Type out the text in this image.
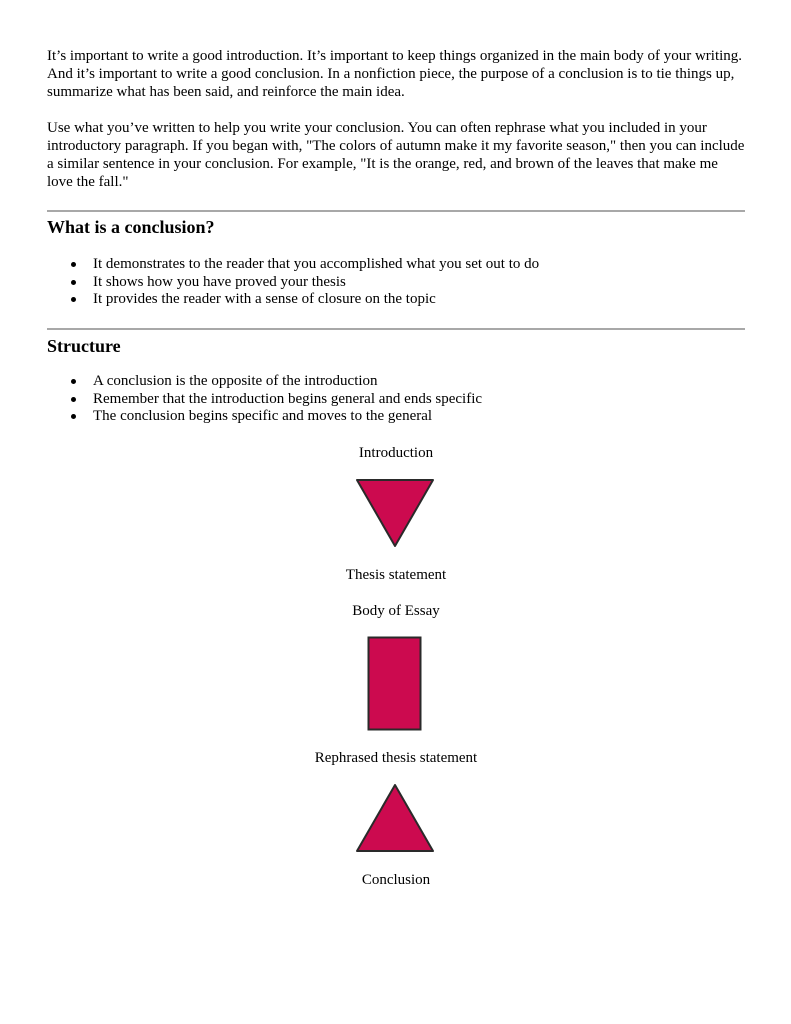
It’s important to write a good introduction. It’s important to keep things organized in the main body of your writing. And it’s important to write a good conclusion. In a nonfiction piece, the purpose of a conclusion is to tie things up, summarize what has been said, and reinforce the main idea.

Use what you’ve written to help you write your conclusion. You can often rephrase what you included in your introductory paragraph. If you began with, "The colors of autumn make it my favorite season," then you can include a similar sentence in your conclusion. For example, "It is the orange, red, and brown of the leaves that make me love the fall."

What is a conclusion?
It demonstrates to the reader that you accomplished what you set out to do
It shows how you have proved your thesis
It provides the reader with a sense of closure on the topic
Structure
A conclusion is the opposite of the introduction
Remember that the introduction begins general and ends specific
The conclusion begins specific and moves to the general

Introduction

Thesis statement

Body of Essay

Rephrased thesis statement

Conclusion
